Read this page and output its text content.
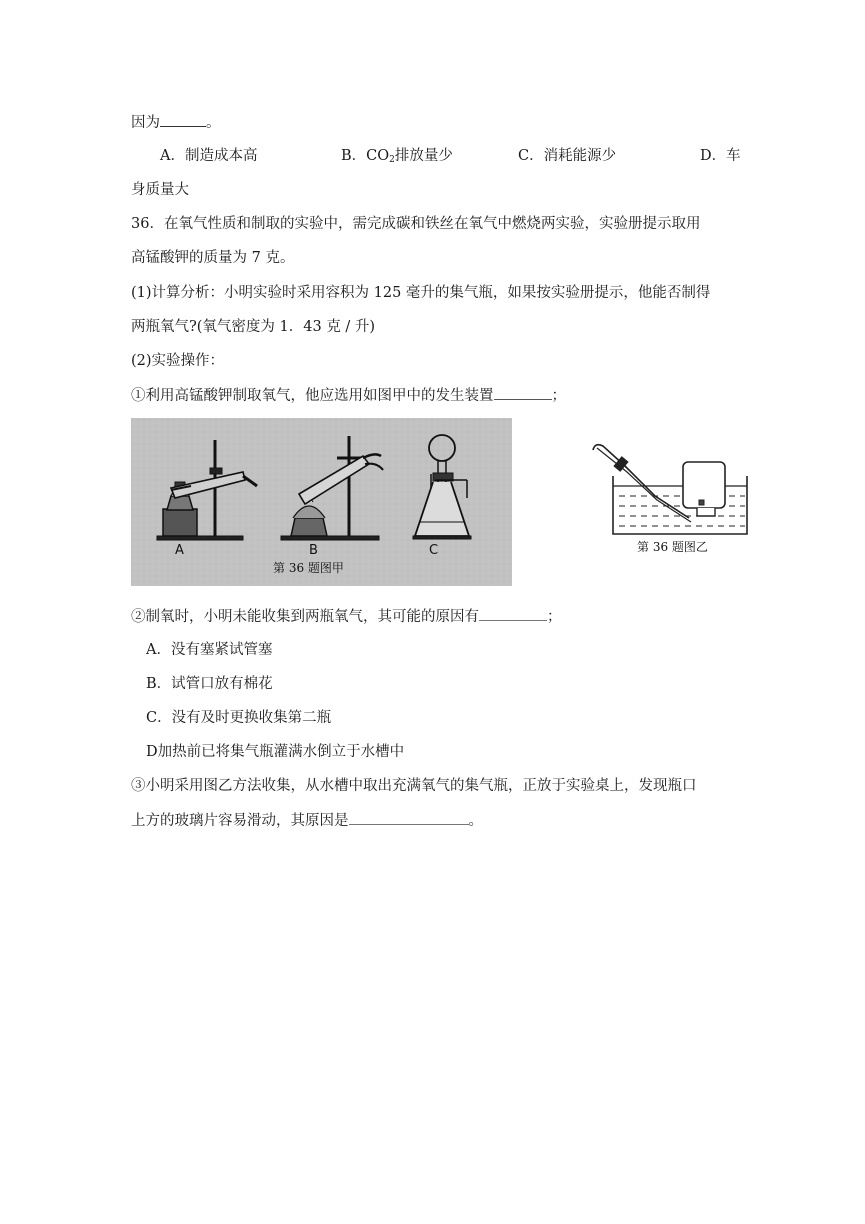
因为	。
A．制造成本高	B．$CO_2$排放量少	C．消耗能源少	D．车
身质量大
36．在氧气性质和制取的实验中，需完成碳和铁丝在氧气中燃烧两实验，实验册提示取用
高锰酸钾的质量为 7 克。
(1)计算分析：小明实验时采用容积为 125 毫升的集气瓶，如果按实验册提示，他能否制得
两瓶氧气?(氧气密度为 1．43 克 / 升)
(2)实验操作：
①利用高锰酸钾制取氧气，他应选用如图甲中的发生装置	；
A	B	C
第 36 题图甲
第 36 题图乙
②制氧时，小明未能收集到两瓶氧气，其可能的原因有	；
A．没有塞紧试管塞
B．试管口放有棉花
C．没有及时更换收集第二瓶
D加热前已将集气瓶灌满水倒立于水槽中
③小明采用图乙方法收集，从水槽中取出充满氧气的集气瓶，正放于实验桌上，发现瓶口
上方的玻璃片容易滑动，其原因是	。
